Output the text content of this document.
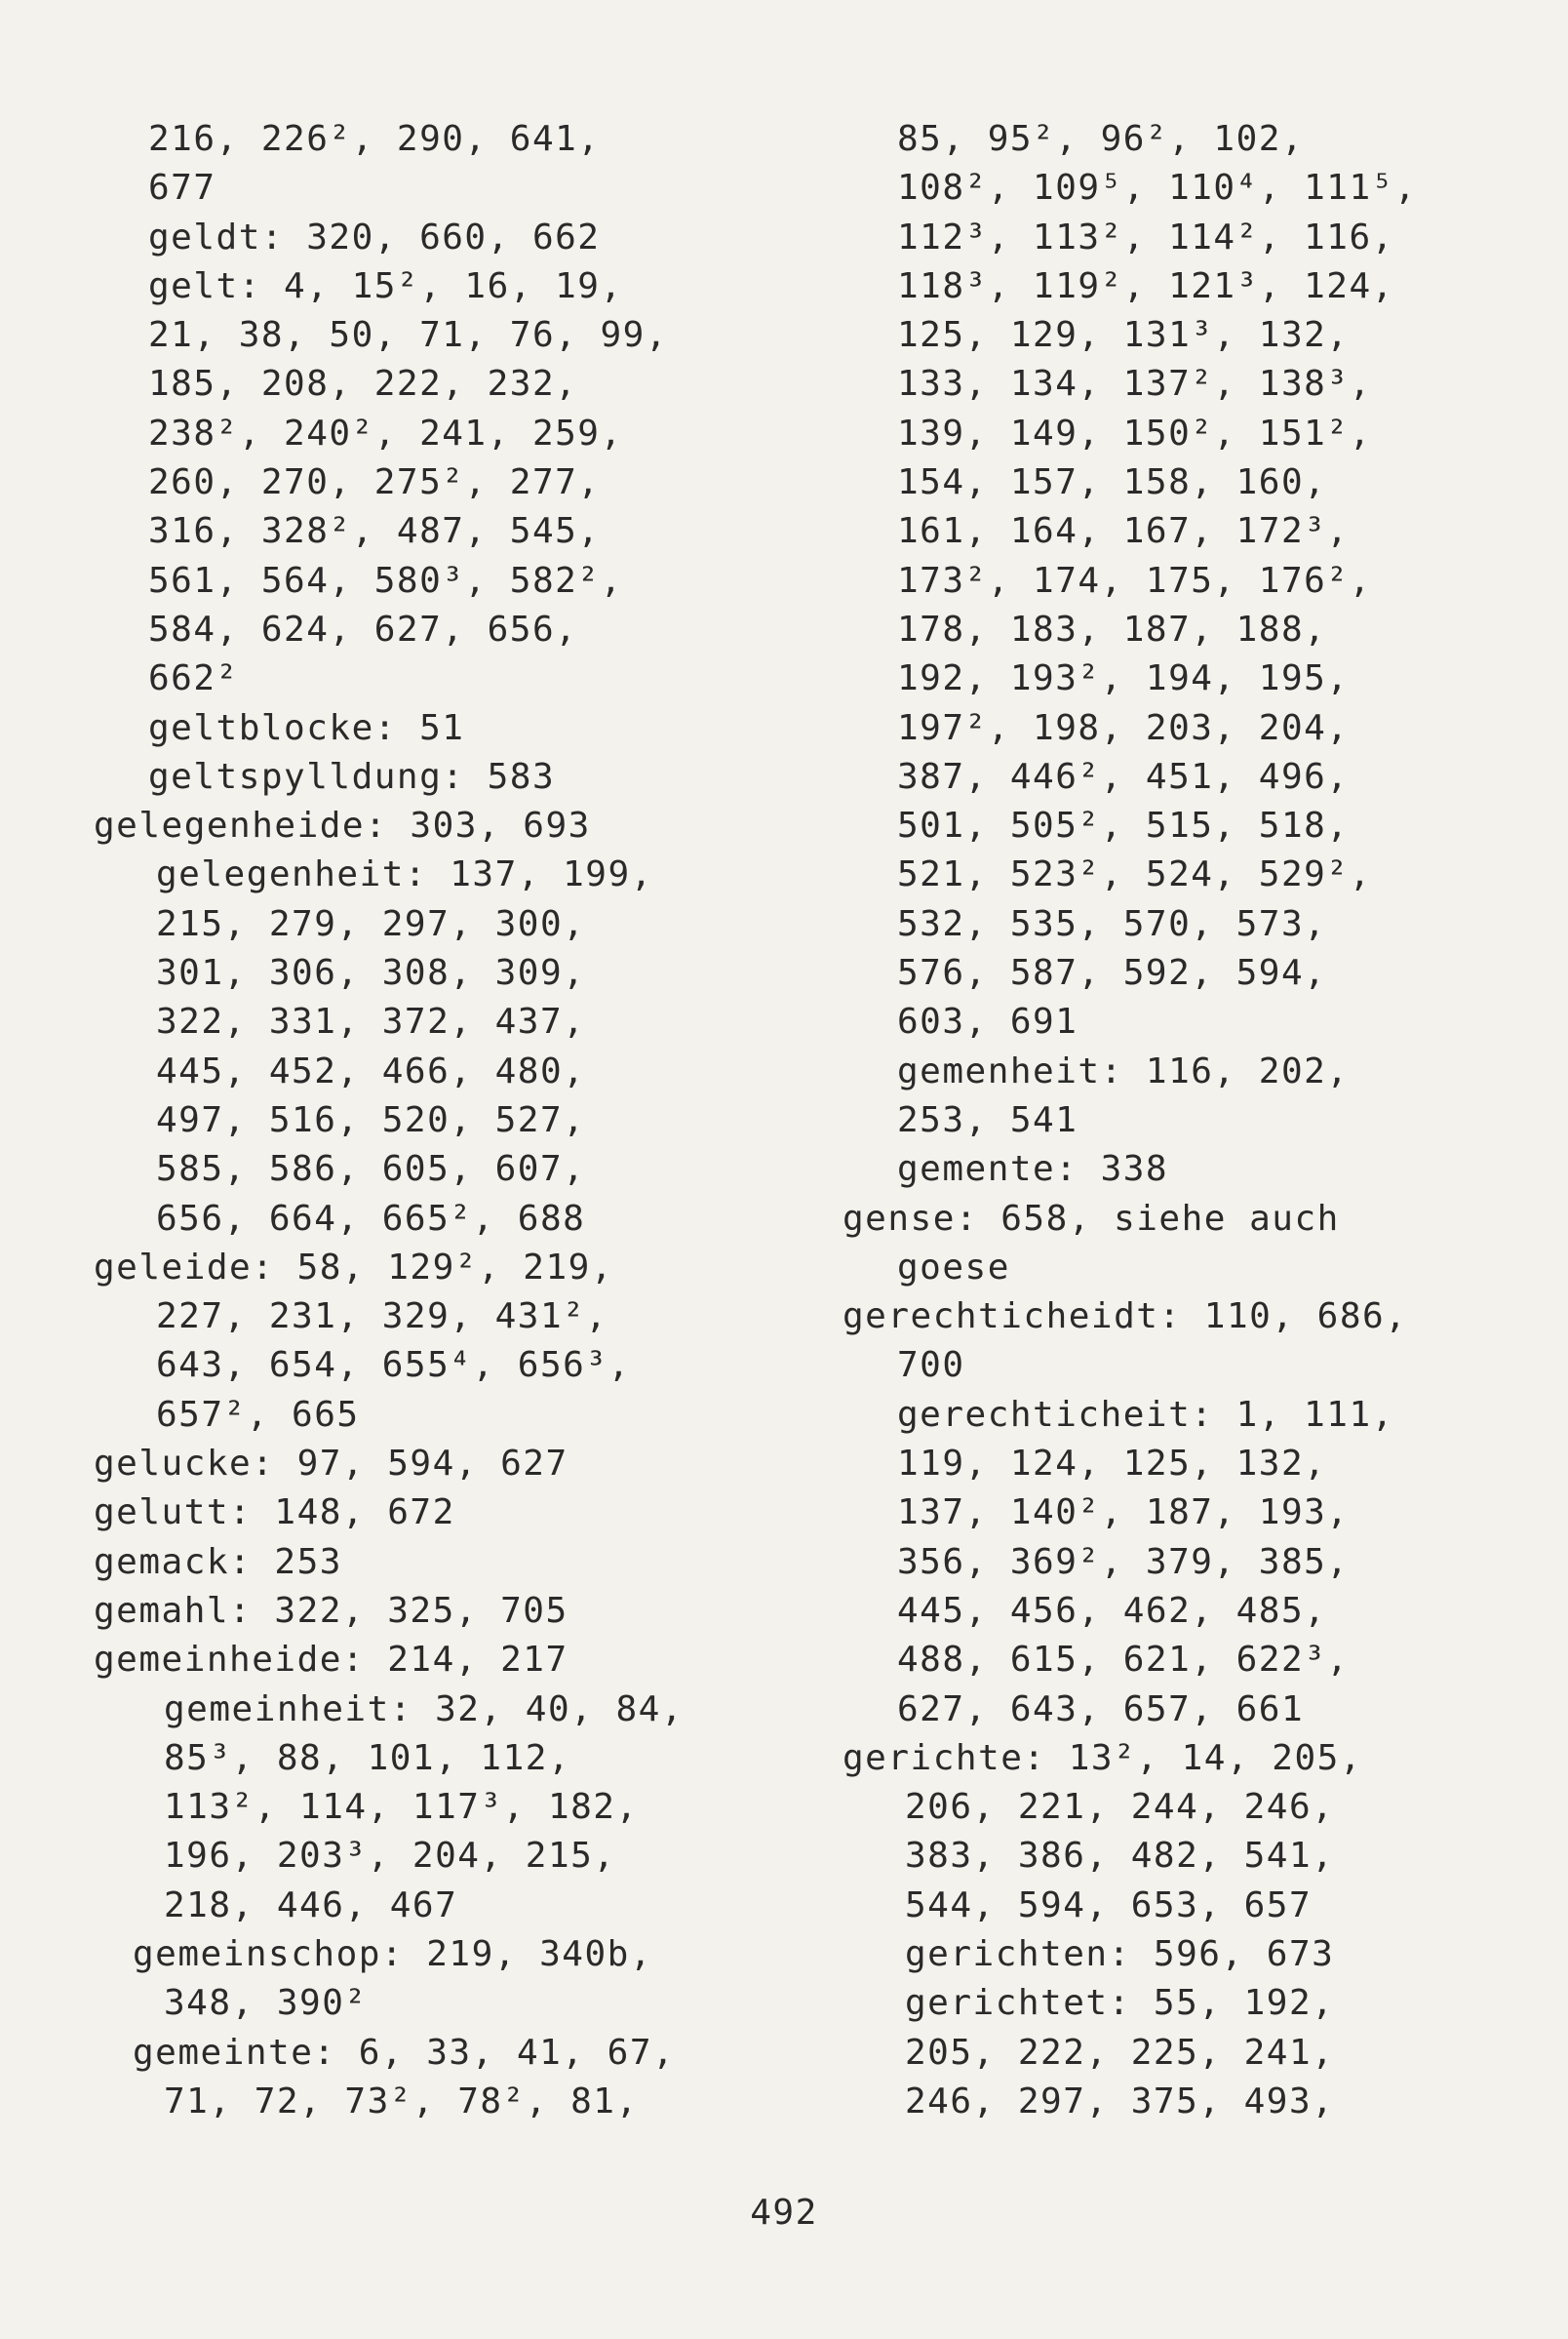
216, 226², 290, 641,
677
geldt: 320, 660, 662
gelt: 4, 15², 16, 19,
21, 38, 50, 71, 76, 99,
185, 208, 222, 232,
238², 240², 241, 259,
260, 270, 275², 277,
316, 328², 487, 545,
561, 564, 580³, 582²,
584, 624, 627, 656,
662²
geltblocke: 51
geltspylldung: 583
gelegenheide: 303, 693
gelegenheit: 137, 199,
215, 279, 297, 300,
301, 306, 308, 309,
322, 331, 372, 437,
445, 452, 466, 480,
497, 516, 520, 527,
585, 586, 605, 607,
656, 664, 665², 688
geleide: 58, 129², 219,
227, 231, 329, 431²,
643, 654, 655⁴, 656³,
657², 665
gelucke: 97, 594, 627
gelutt: 148, 672
gemack: 253
gemahl: 322, 325, 705
gemeinheide: 214, 217
gemeinheit: 32, 40, 84,
85³, 88, 101, 112,
113², 114, 117³, 182,
196, 203³, 204, 215,
218, 446, 467
gemeinschop: 219, 340b,
348, 390²
gemeinte: 6, 33, 41, 67,
71, 72, 73², 78², 81,
85, 95², 96², 102,
108², 109⁵, 110⁴, 111⁵,
112³, 113², 114², 116,
118³, 119², 121³, 124,
125, 129, 131³, 132,
133, 134, 137², 138³,
139, 149, 150², 151²,
154, 157, 158, 160,
161, 164, 167, 172³,
173², 174, 175, 176²,
178, 183, 187, 188,
192, 193², 194, 195,
197², 198, 203, 204,
387, 446², 451, 496,
501, 505², 515, 518,
521, 523², 524, 529²,
532, 535, 570, 573,
576, 587, 592, 594,
603, 691
gemenheit: 116, 202,
253, 541
gemente: 338
gense: 658, siehe auch
goese
gerechticheidt: 110, 686,
700
gerechticheit: 1, 111,
119, 124, 125, 132,
137, 140², 187, 193,
356, 369², 379, 385,
445, 456, 462, 485,
488, 615, 621, 622³,
627, 643, 657, 661
gerichte: 13², 14, 205,
206, 221, 244, 246,
383, 386, 482, 541,
544, 594, 653, 657
gerichten: 596, 673
gerichtet: 55, 192,
205, 222, 225, 241,
246, 297, 375, 493,
492
